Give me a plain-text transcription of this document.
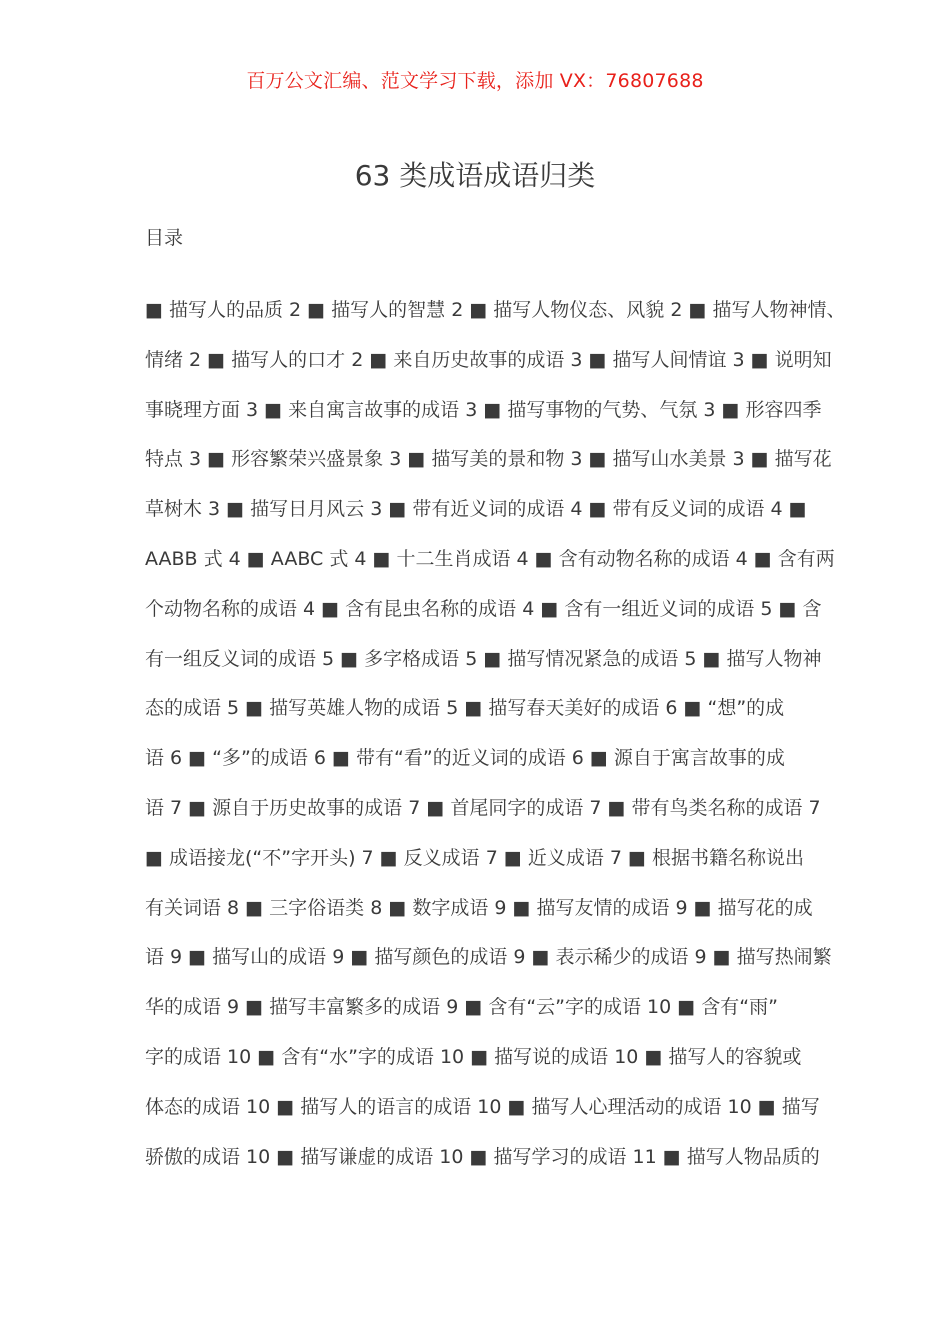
百万公文汇编、范文学习下载，添加 VX：76807688
63 类成语成语归类
目录
■ 描写人的品质 2 ■ 描写人的智慧 2 ■ 描写人物仪态、风貌 2 ■ 描写人物神情、
情绪 2 ■ 描写人的口才 2 ■ 来自历史故事的成语 3 ■ 描写人间情谊 3 ■ 说明知
事晓理方面 3 ■ 来自寓言故事的成语 3 ■ 描写事物的气势、气氛 3 ■ 形容四季
特点 3 ■ 形容繁荣兴盛景象 3 ■ 描写美的景和物 3 ■ 描写山水美景 3 ■ 描写花
草树木 3 ■ 描写日月风云 3 ■ 带有近义词的成语 4 ■ 带有反义词的成语 4 ■
AABB 式 4 ■ AABC 式 4 ■ 十二生肖成语 4 ■ 含有动物名称的成语 4 ■ 含有两
个动物名称的成语 4 ■ 含有昆虫名称的成语 4 ■ 含有一组近义词的成语 5 ■ 含
有一组反义词的成语 5 ■ 多字格成语 5 ■ 描写情况紧急的成语 5 ■ 描写人物神
态的成语 5 ■ 描写英雄人物的成语 5 ■ 描写春天美好的成语 6 ■ “想”的成
语 6 ■ “多”的成语 6 ■ 带有“看”的近义词的成语 6 ■ 源自于寓言故事的成
语 7 ■ 源自于历史故事的成语 7 ■ 首尾同字的成语 7 ■ 带有鸟类名称的成语 7
■ 成语接龙(“不”字开头) 7 ■ 反义成语 7 ■ 近义成语 7 ■ 根据书籍名称说出
有关词语 8 ■ 三字俗语类 8 ■ 数字成语 9 ■ 描写友情的成语 9 ■ 描写花的成
语 9 ■ 描写山的成语 9 ■ 描写颜色的成语 9 ■ 表示稀少的成语 9 ■ 描写热闹繁
华的成语 9 ■ 描写丰富繁多的成语 9 ■ 含有“云”字的成语 10 ■ 含有“雨”
字的成语 10 ■ 含有“水”字的成语 10 ■ 描写说的成语 10 ■ 描写人的容貌或
体态的成语 10 ■ 描写人的语言的成语 10 ■ 描写人心理活动的成语 10 ■ 描写
骄傲的成语 10 ■ 描写谦虚的成语 10 ■ 描写学习的成语 11 ■ 描写人物品质的
